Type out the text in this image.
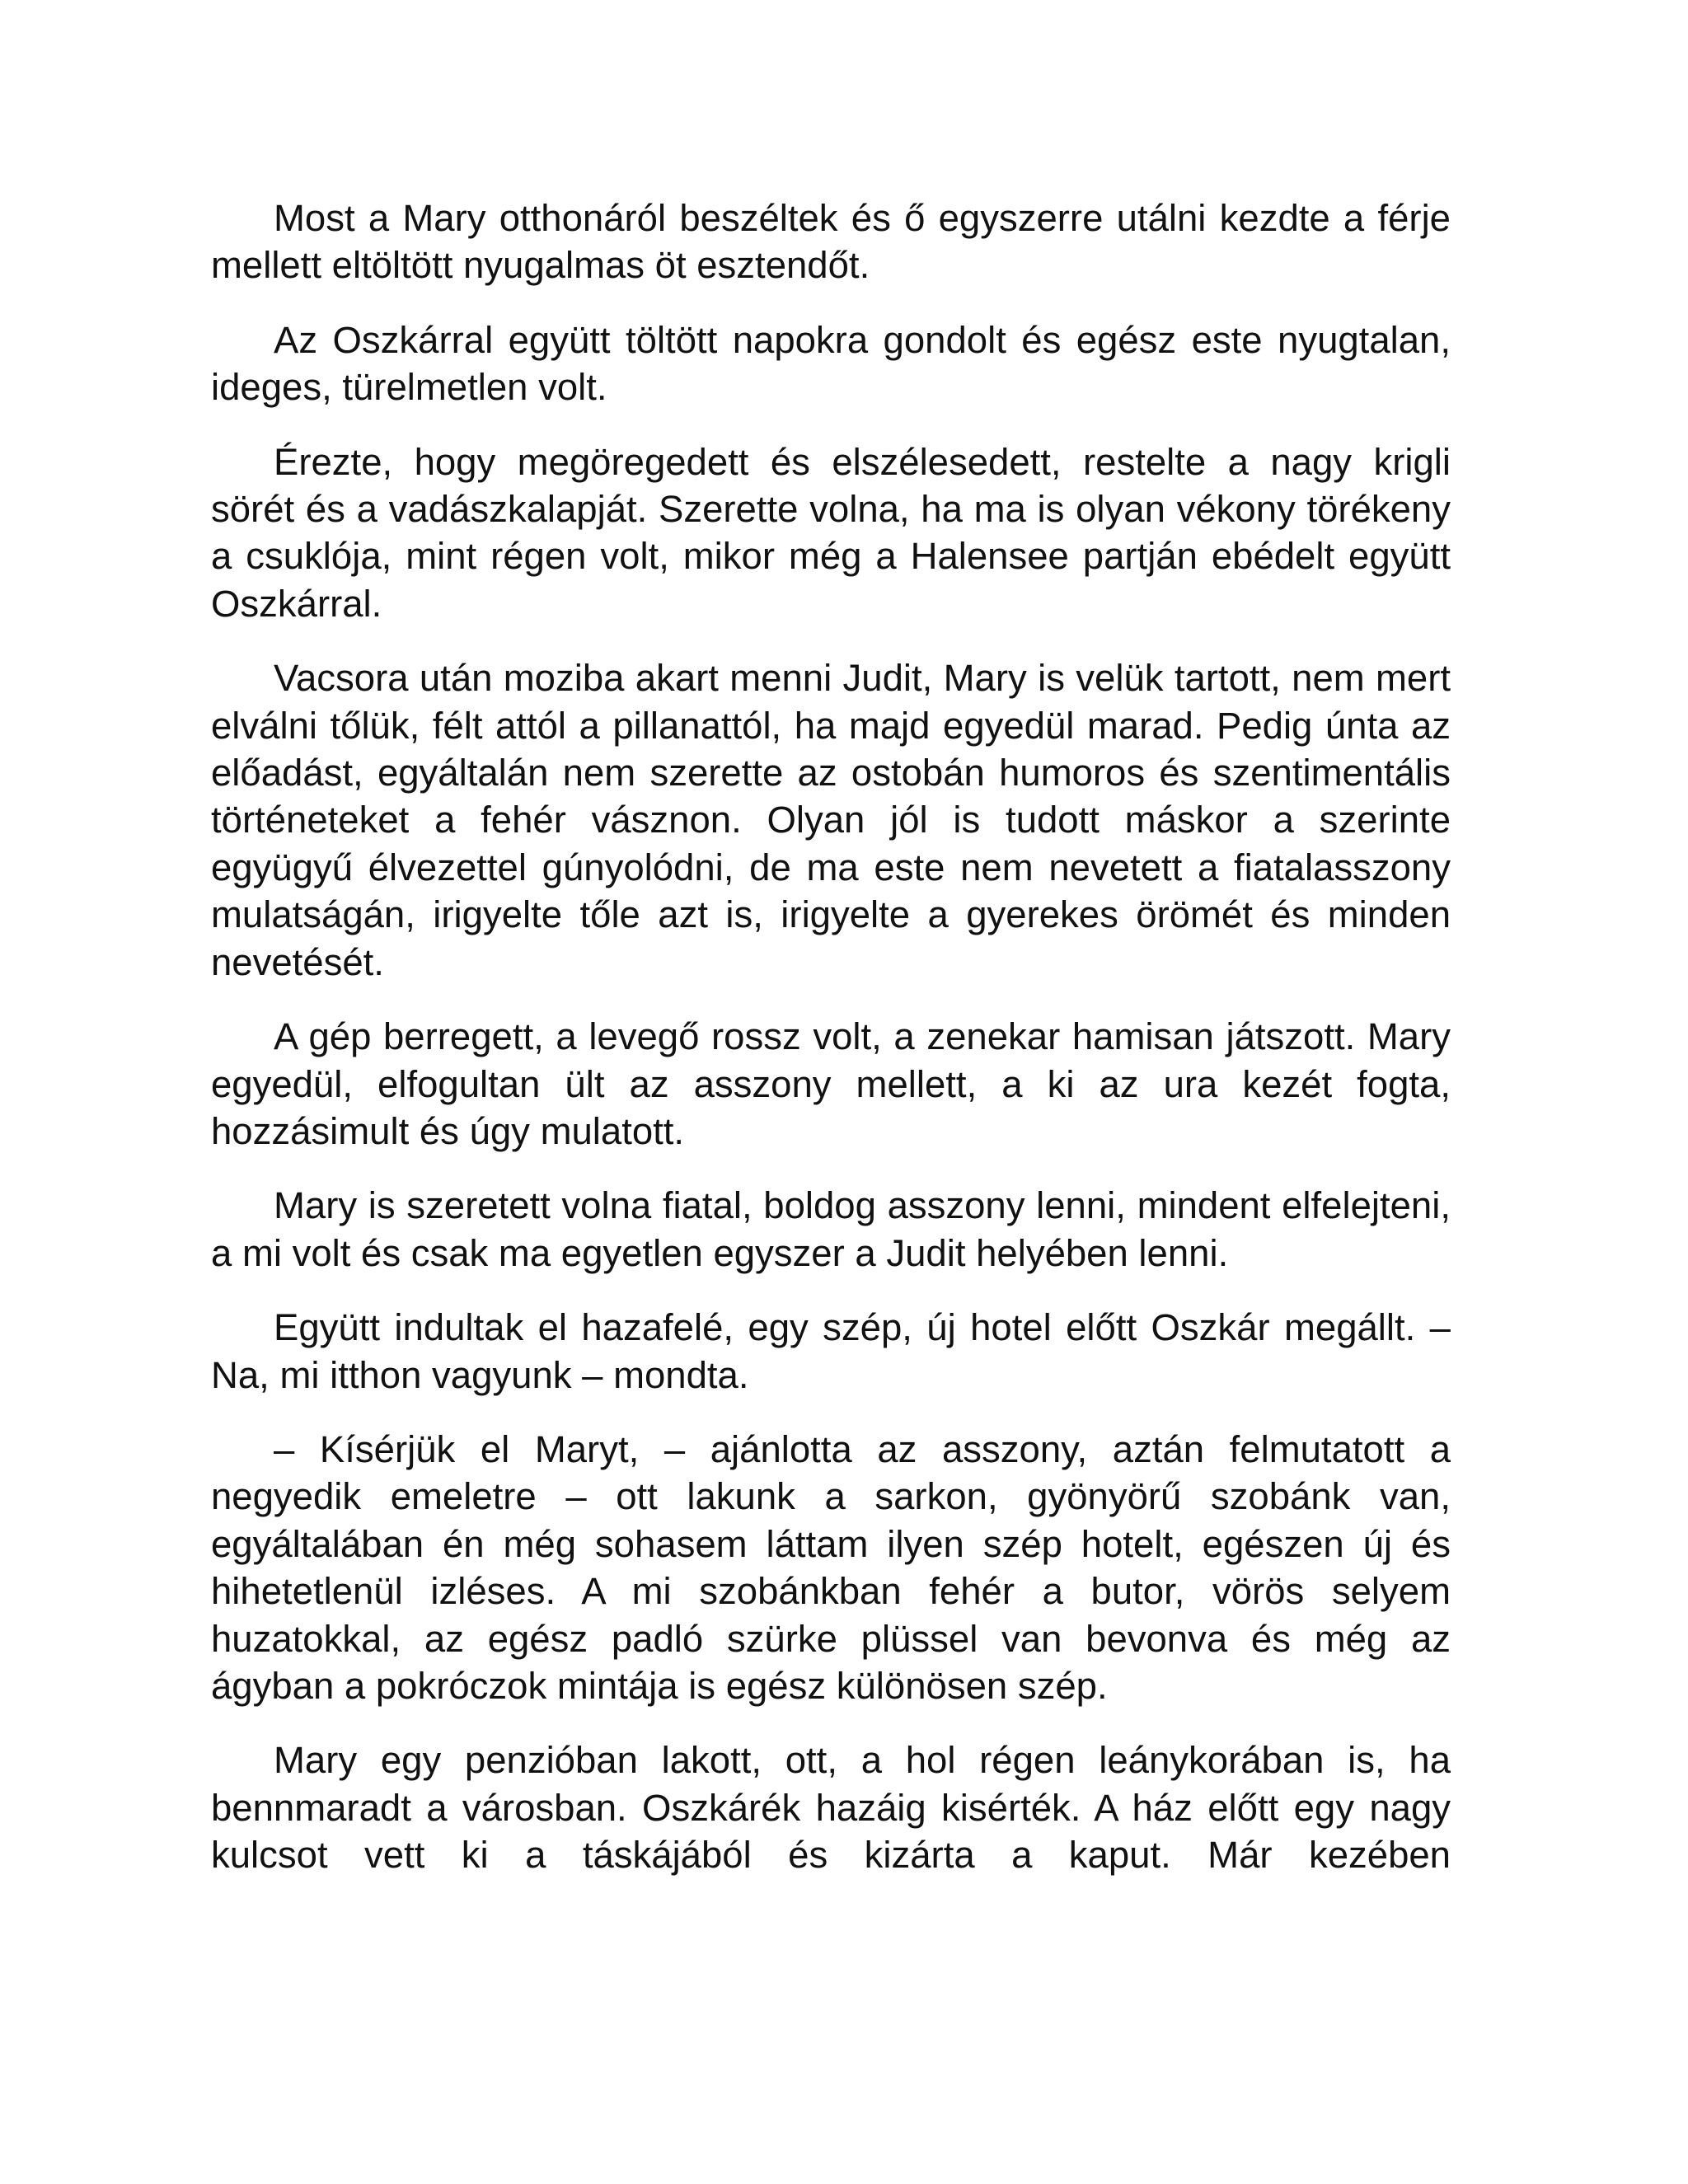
Most a Mary otthonáról beszéltek és ő egyszerre utálni kezdte a férje mellett eltöltött nyugalmas öt esztendőt.

Az Oszkárral együtt töltött napokra gondolt és egész este nyugtalan, ideges, türelmetlen volt.

Érezte, hogy megöregedett és elszélesedett, restelte a nagy krigli sörét és a vadászkalapját. Szerette volna, ha ma is olyan vékony törékeny a csuklója, mint régen volt, mikor még a Halensee partján ebédelt együtt Oszkárral.

Vacsora után moziba akart menni Judit, Mary is velük tartott, nem mert elválni tőlük, félt attól a pillanattól, ha majd egyedül marad. Pedig únta az előadást, egyáltalán nem szerette az ostobán humoros és szentimentális történeteket a fehér vásznon. Olyan jól is tudott máskor a szerinte együgyű élvezettel gúnyolódni, de ma este nem nevetett a fiatalasszony mulatságán, irigyelte tőle azt is, irigyelte a gyerekes örömét és minden nevetését.

A gép berregett, a levegő rossz volt, a zenekar hamisan játszott. Mary egyedül, elfogultan ült az asszony mellett, a ki az ura kezét fogta, hozzásimult és úgy mulatott.

Mary is szeretett volna fiatal, boldog asszony lenni, mindent elfelejteni, a mi volt és csak ma egyetlen egyszer a Judit helyében lenni.

Együtt indultak el hazafelé, egy szép, új hotel előtt Oszkár megállt. – Na, mi itthon vagyunk – mondta.

– Kísérjük el Maryt, – ajánlotta az asszony, aztán felmutatott a negyedik emeletre – ott lakunk a sarkon, gyönyörű szobánk van, egyáltalában én még sohasem láttam ilyen szép hotelt, egészen új és hihetetlenül izléses. A mi szobánkban fehér a butor, vörös selyem huzatokkal, az egész padló szürke plüssel van bevonva és még az ágyban a pokróczok mintája is egész különösen szép.

Mary egy penzióban lakott, ott, a hol régen leánykorában is, ha bennmaradt a városban. Oszkárék hazáig kisérték. A ház előtt egy nagy kulcsot vett ki a táskájából és kizárta a kaput. Már kezében
